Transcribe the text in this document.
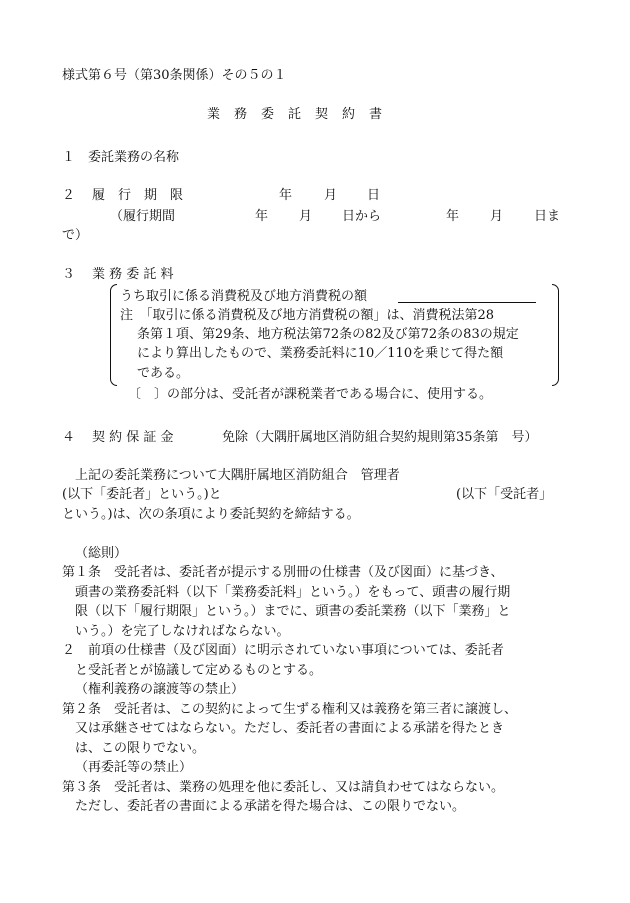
様式第６号（第30条関係）その５の１
業　務　委　託　契　約　書
１　委託業務の名称
２ 履　行　期　限	年 月 日
（履行期間	年 月 日から	年 月 日ま
で）
３ 業 務 委 託 料
うち取引に係る消費税及び地方消費税の額
注　「取引に係る消費税及び地方消費税の額」は、消費税法第28
条第１項、第29条、地方税法第72条の82及び第72条の83の規定
により算出したもので、業務委託料に10／110を乗じて得た額
である。
〔　〕の部分は、受託者が課税業者である場合に、使用する。
４ 契 約 保 証 金	免除（大隅肝属地区消防組合契約規則第35条第　号）
上記の委託業務について大隅肝属地区消防組合　管理者
(以下「委託者」という。)と	(以下「受託者」
という。)は、次の条項により委託契約を締結する。
（総則）
第１条　受託者は、委託者が提示する別冊の仕様書（及び図面）に基づき、
頭書の業務委託料（以下「業務委託料」という。）をもって、頭書の履行期
限（以下「履行期限」という。）までに、頭書の委託業務（以下「業務」と
いう。）を完了しなければならない。
２　前項の仕様書（及び図面）に明示されていない事項については、委託者
と受託者とが協議して定めるものとする。
（権利義務の譲渡等の禁止）
第２条　受託者は、この契約によって生ずる権利又は義務を第三者に譲渡し、
又は承継させてはならない。ただし、委託者の書面による承諾を得たとき
は、この限りでない。
（再委託等の禁止）
第３条　受託者は、業務の処理を他に委託し、又は請負わせてはならない。
ただし、委託者の書面による承諾を得た場合は、この限りでない。
